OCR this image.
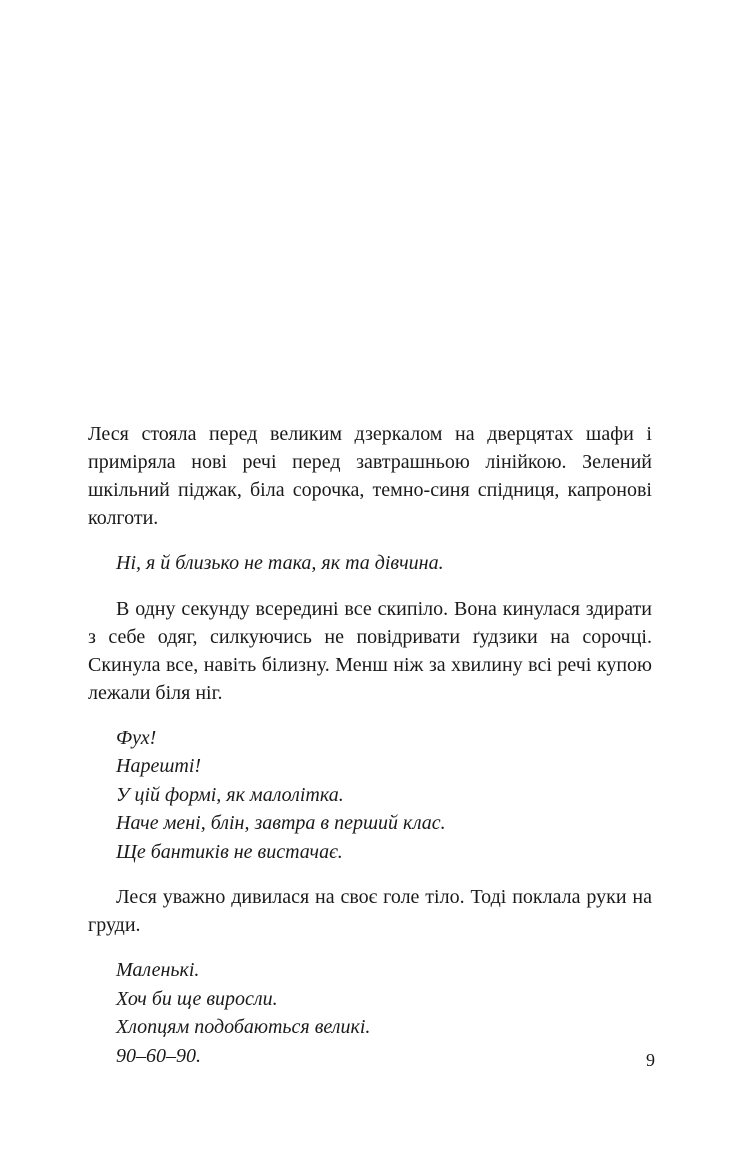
Леся стояла перед великим дзеркалом на дверцятах шафи і приміряла нові речі перед завтрашньою лінійкою. Зелений шкільний піджак, біла сорочка, темно-синя спідниця, капронові колготи.

Ні, я й близько не така, як та дівчина.

В одну секунду всередині все скипіло. Вона кинулася здирати з себе одяг, силкуючись не повідривати ґудзики на сорочці. Скинула все, навіть білизну. Менш ніж за хвилину всі речі купою лежали біля ніг.

Фух!

Нарешті!

У цій формі, як малолітка.

Наче мені, блін, завтра в перший клас.

Ще бантиків не вистачає.

Леся уважно дивилася на своє голе тіло. Тоді поклала руки на груди.

Маленькі.

Хоч би ще виросли.

Хлопцям подобаються великі.

90–60–90.	9
